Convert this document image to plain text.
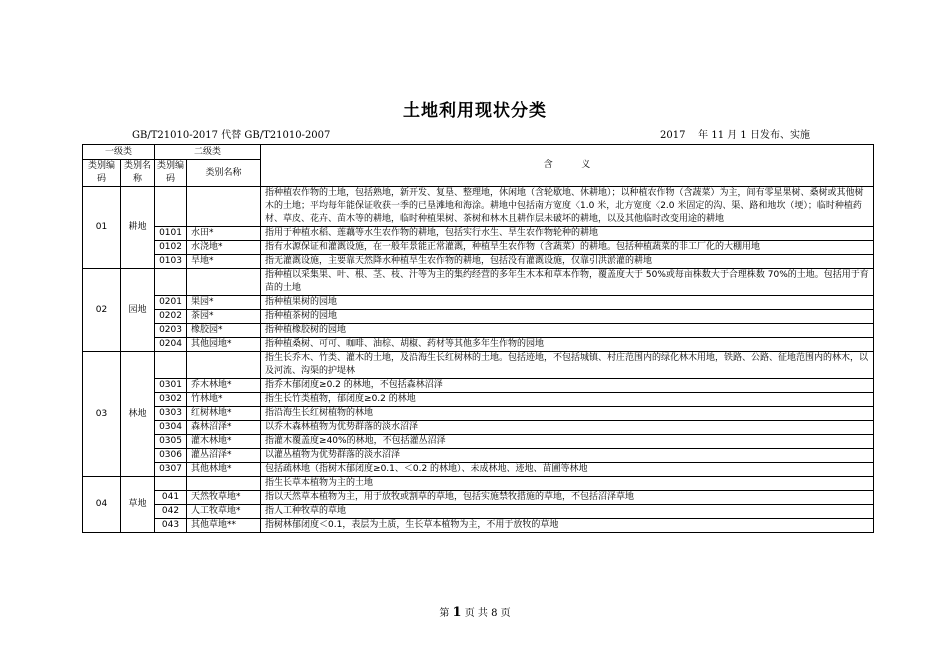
土地利用现状分类
GB/T21010-2017 代替 GB/T21010-2007	2017    年 11 月 1 日发布、实施
一级类		二级类		含          义
类别编码	类别名称	类别编码	类别名称	
01	耕地			指种植农作物的土地，包括熟地，新开发、复垦、整理地，休闲地（含轮歇地、休耕地）；以种植农作物（含蔬菜）为主，间有零星果树、桑树或其他树木的土地；平均每年能保证收获一季的已垦滩地和海涂。耕地中包括南方宽度〈1.0 米，北方宽度〈2.0 米固定的沟、渠、路和地坎（埂）；临时种植药材、草皮、花卉、苗木等的耕地，临时种植果树、茶树和林木且耕作层未破坏的耕地，以及其他临时改变用途的耕地
		0101	水田*	指用于种植水稻、莲藕等水生农作物的耕地，包括实行水生、旱生农作物轮种的耕地
		0102	水浇地*	指有水源保证和灌溉设施，在一般年景能正常灌溉，种植旱生农作物（含蔬菜）的耕地。包括种植蔬菜的非工厂化的大棚用地
		0103	旱地*	指无灌溉设施，主要靠天然降水种植旱生农作物的耕地，包括没有灌溉设施，仅靠引洪淤灌的耕地
02	园地			指种植以采集果、叶、根、茎、枝、汁等为主的集约经营的多年生木本和草本作物，覆盖度大于 50%或每亩株数大于合理株数 70%的土地。包括用于育苗的土地
		0201	果园*	指种植果树的园地
		0202	茶园*	指种植茶树的园地
		0203	橡胶园*	指种植橡胶树的园地
		0204	其他园地*	指种植桑树、可可、咖啡、油棕、胡椒、药材等其他多年生作物的园地
03	林地			指生长乔木、竹类、灌木的土地，及沿海生长红树林的土地。包括迹地，不包括城镇、村庄范围内的绿化林木用地，铁路、公路、征地范围内的林木，以及河流、沟渠的护堤林
		0301	乔木林地*	指乔木郁闭度≥0.2 的林地，不包括森林沼泽
		0302	竹林地*	指生长竹类植物，郁闭度≥0.2 的林地
		0303	红树林地*	指沿海生长红树植物的林地
		0304	森林沼泽*	以乔木森林植物为优势群落的淡水沼泽
		0305	灌木林地*	指灌木覆盖度≥40%的林地，不包括灌丛沼泽
		0306	灌丛沼泽*	以灌丛植物为优势群落的淡水沼泽
		0307	其他林地*	包括疏林地（指树木郁闭度≥0.1、＜0.2 的林地）、未成林地、迹地、苗圃等林地
04	草地			指生长草本植物为主的土地
		041	天然牧草地*	指以天然草本植物为主，用于放牧或割草的草地，包括实施禁牧措施的草地，不包括沼泽草地
		042	人工牧草地*	指人工种牧草的草地
		043	其他草地**	指树林郁闭度＜0.1，表层为土质，生长草本植物为主，不用于放牧的草地
第 1 页 共 8 页
